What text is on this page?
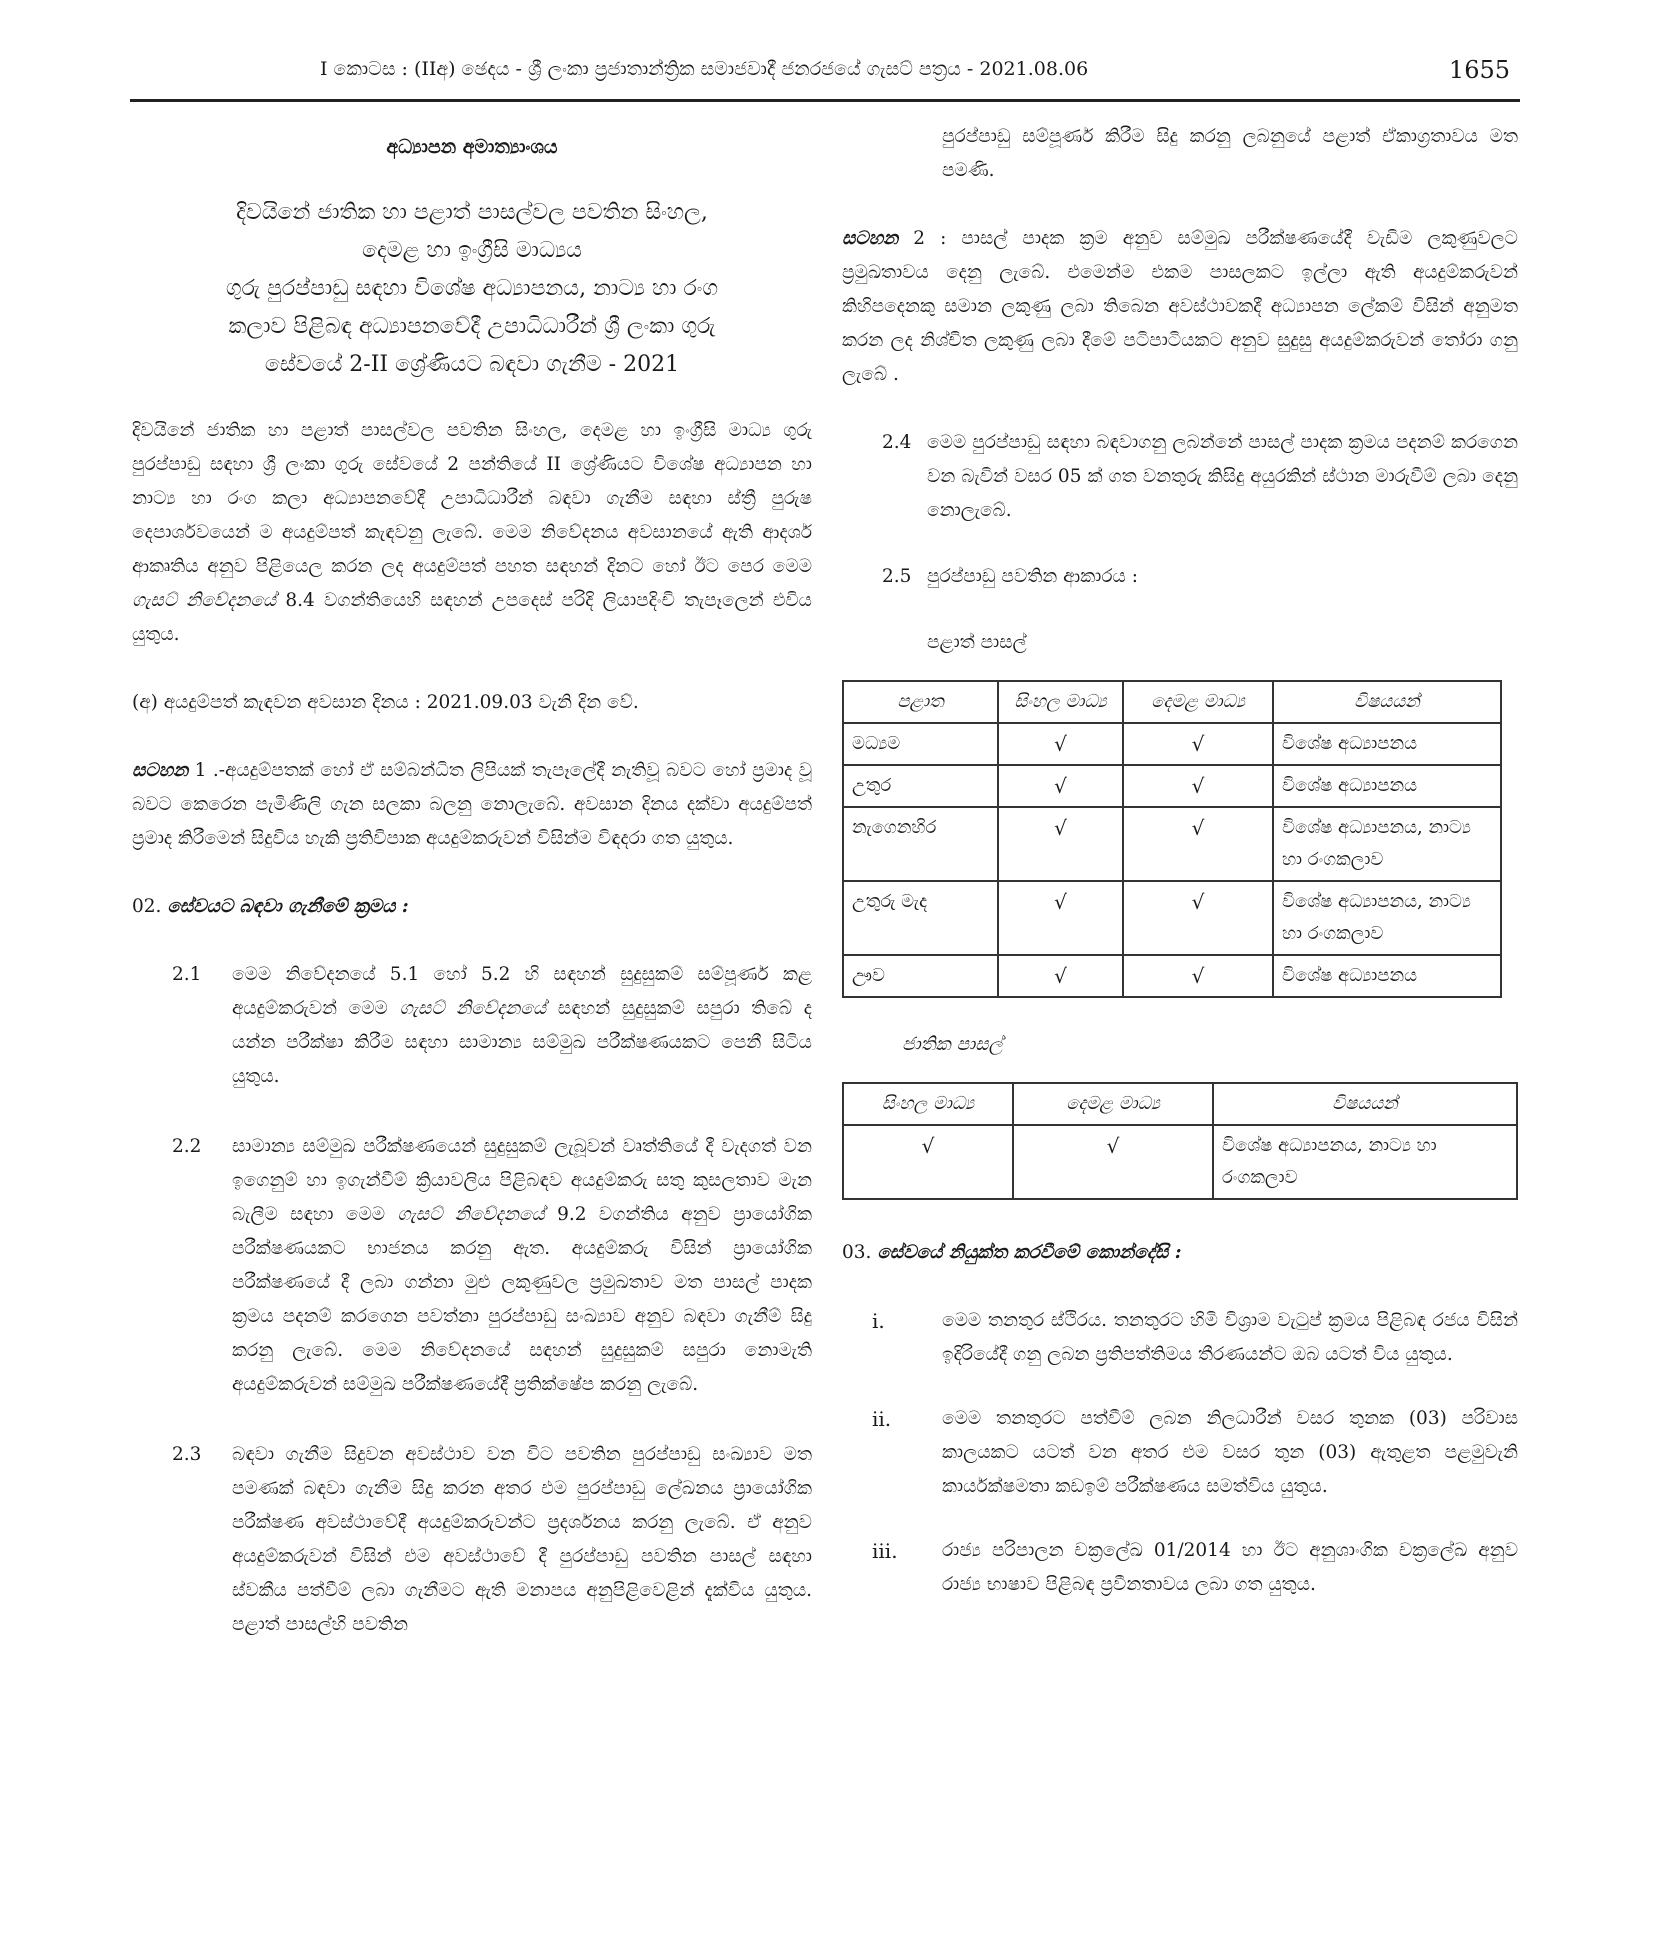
I කොටස : (IIඅ) ඡෙදය - ශ්‍රී ලංකා ප්‍රජාතාන්ත්‍රික සමාජවාදී ජනරජයේ ගැසට් පත්‍රය - 2021.08.06	1655

අධ්‍යාපන අමාත්‍යාංශය

දිවයිනේ ජාතික හා පළාත් පාසල්වල පවතින සිංහල,
දෙමළ හා ඉංග්‍රීසි මාධ්‍යය
ගුරු පුරප්පාඩු සඳහා විශේෂ අධ්‍යාපනය, නාට්‍ය හා රංග
කලාව පිළිබඳ අධ්‍යාපනවේදී උපාධිධාරීන් ශ්‍රී ලංකා ගුරු
සේවයේ 2-II ශ්‍රේණියට බඳවා ගැනීම - 2021

දිවයිනේ ජාතික හා පළාත් පාසල්වල පවතින සිංහල, දෙමළ හා ඉංග්‍රීසි මාධ්‍ය ගුරු පුරප්පාඩු සඳහා ශ්‍රී ලංකා ගුරු සේවයේ 2 පන්තියේ II ශ්‍රේණියට විශේෂ අධ්‍යාපන හා නාට්‍ය හා රංග කලා අධ්‍යාපනවේදී උපාධිධාරීන් බඳවා ගැනීම සඳහා ස්ත්‍රී පුරුෂ දෙපාර්ශවයෙන් ම අයදුම්පත් කැඳවනු ලැබේ. මෙම නිවේදනය අවසානයේ ඇති ආදර්ශ ආකෘතිය අනුව පිළියෙල කරන ලද අයදුම්පත් පහත සඳහන් දිනට හෝ ඊට පෙර මෙම ගැසට් නිවේදනයේ 8.4 වගන්තියෙහි සඳහන් උපදෙස් පරිදි ලියාපදිංචි තැපෑලෙන් එවිය යුතුය.

(අ) අයදුම්පත් කැඳවන අවසාන දිනය : 2021.09.03 වැනි දින වේ.

සටහන 1 .-අයදුම්පතක් හෝ ඒ සම්බන්ධිත ලිපියක් තැපෑලේදී නැතිවූ බවට හෝ ප්‍රමාද වූ බවට කෙරෙන පැමිණිලි ගැන සලකා බලනු නොලැබේ. අවසාන දිනය දක්වා අයදුම්පත් ප්‍රමාද කිරීමෙන් සිදුවිය හැකි ප්‍රතිවිපාක අයදුම්කරුවන් විසින්ම විඳදරා ගත යුතුය.

02. සේවයට බඳවා ගැනීමේ ක්‍රමය :

2.1	මෙම නිවේදනයේ 5.1 හෝ 5.2 හි සඳහන් සුදුසුකම් සම්පූර්ණ කළ අයදුම්කරුවන් මෙම ගැසට් නිවේදනයේ සඳහන් සුදුසුකම් සපුරා තිබේ ද යන්න පරීක්ෂා කිරීම සඳහා සාමාන්‍ය සම්මුඛ පරීක්ෂණයකට පෙනී සිටිය යුතුය.

2.2	සාමාන්‍ය සම්මුඛ පරීක්ෂණයෙන් සුදුසුකම් ලැබූවන් වෘත්තියේ දී වැදගත් වන ඉගෙනුම් හා ඉගැන්වීම් ක්‍රියාවලිය පිළිබඳව අයදුම්කරු සතු කුසලතාව මැන බැලීම සඳහා මෙම ගැසට් නිවේදනයේ 9.2 වගන්තිය අනුව ප්‍රායෝගික පරීක්ෂණයකට භාජනය කරනු ඇත. අයදුම්කරු විසින් ප්‍රායෝගික පරීක්ෂණයේ දී ලබා ගන්නා මුළු ලකුණුවල ප්‍රමුඛතාව මත පාසල් පාදක ක්‍රමය පදනම් කරගෙන පවත්නා පුරප්පාඩු සංඛ්‍යාව අනුව බඳවා ගැනීම් සිදු කරනු ලැබේ. මෙම නිවේදනයේ සඳහන් සුදුසුකම් සපුරා නොමැති අයදුම්කරුවන් සම්මුඛ පරීක්ෂණයේදී ප්‍රතික්ෂේප කරනු ලැබේ.

2.3	බඳවා ගැනීම සිදුවන අවස්ථාව වන විට පවතින පුරප්පාඩු සංඛ්‍යාව මත පමණක් බඳවා ගැනීම සිදු කරන අතර එම පුරප්පාඩු ලේඛනය ප්‍රායෝගික පරීක්ෂණ අවස්ථාවේදී අයදුම්කරුවන්ට ප්‍රදර්ශනය කරනු ලැබේ. ඒ අනුව අයදුම්කරුවන් විසින් එම අවස්ථාවේ දී පුරප්පාඩු පවතින පාසල් සඳහා ස්වකීය පත්වීම් ලබා ගැනීමට ඇති මනාපය අනුපිළිවෙළින් දැක්විය යුතුය. පළාත් පාසල්හි පවතින

පුරප්පාඩු සම්පූර්ණ කිරීම සිදු කරනු ලබනුයේ පළාත් ඒකාග්‍රතාවය මත පමණි.

සටහන 2 : පාසල් පාදක ක්‍රම අනුව සම්මුඛ පරීක්ෂණයේදී වැඩිම ලකුණුවලට ප්‍රමුඛතාවය දෙනු ලැබේ. එමෙන්ම එකම පාසලකට ඉල්ලා ඇති අයදුම්කරුවන් කිහිපදෙනකු සමාන ලකුණු ලබා තිබෙන අවස්ථාවකදී අධ්‍යාපන ලේකම් විසින් අනුමත කරන ලද නිශ්චිත ලකුණු ලබා දීමේ පටිපාටියකට අනුව සුදුසු අයදුම්කරුවන් තෝරා ගනු ලැබේ .

2.4 මෙම පුරප්පාඩු සඳහා බඳවාගනු ලබන්නේ පාසල් පාදක ක්‍රමය පදනම් කරගෙන වන බැවින් වසර 05 ක් ගත වනතුරු කිසිදු අයුරකින් ස්ථාන මාරුවීම් ලබා දෙනු නොලැබේ.

2.5 පුරප්පාඩු පවතින ආකාරය :

පළාත් පාසල්

පළාත	සිංහල මාධ්‍ය	දෙමළ මාධ්‍ය	විෂයයන්
මධ්‍යම	√	√	විශේෂ අධ්‍යාපනය
උතුර	√	√	විශේෂ අධ්‍යාපනය
නැගෙනහිර	√	√	විශේෂ අධ්‍යාපනය, නාට්‍ය හා රංගකලාව
උතුරු මැද	√	√	විශේෂ අධ්‍යාපනය, නාට්‍ය හා රංගකලාව
ඌව	√	√	විශේෂ අධ්‍යාපනය

ජාතික පාසල්

සිංහල මාධ්‍ය	දෙමළ මාධ්‍ය	විෂයයන්
√	√	විශේෂ අධ්‍යාපනය, නාට්‍ය හා රංගකලාව

03. සේවයේ නියුක්ත කරවීමේ කොන්දේසි :

i.	මෙම තනතුර ස්ථිරය. තනතුරට හිමි විශ්‍රාම වැටුප් ක්‍රමය පිළිබඳ රජය විසින් ඉදිරියේදී ගනු ලබන ප්‍රතිපත්තිමය තීරණයන්ට ඔබ යටත් විය යුතුය.

ii.	මෙම තනතුරට පත්වීම් ලබන නිලධාරීන් වසර තුනක (03) පරිවාස කාලයකට යටත් වන අතර එම වසර තුන (03) ඇතුළත පළමුවැනි කාර්යක්ෂමතා කඩඉම් පරීක්ෂණය සමත්විය යුතුය.

iii.	රාජ්‍ය පරිපාලන චක්‍රලේඛ 01/2014 හා ඊට අනුශාංගික චක්‍රලේඛ අනුව රාජ්‍ය භාෂාව පිළිබඳ ප්‍රවීනතාවය ලබා ගත යුතුය.
